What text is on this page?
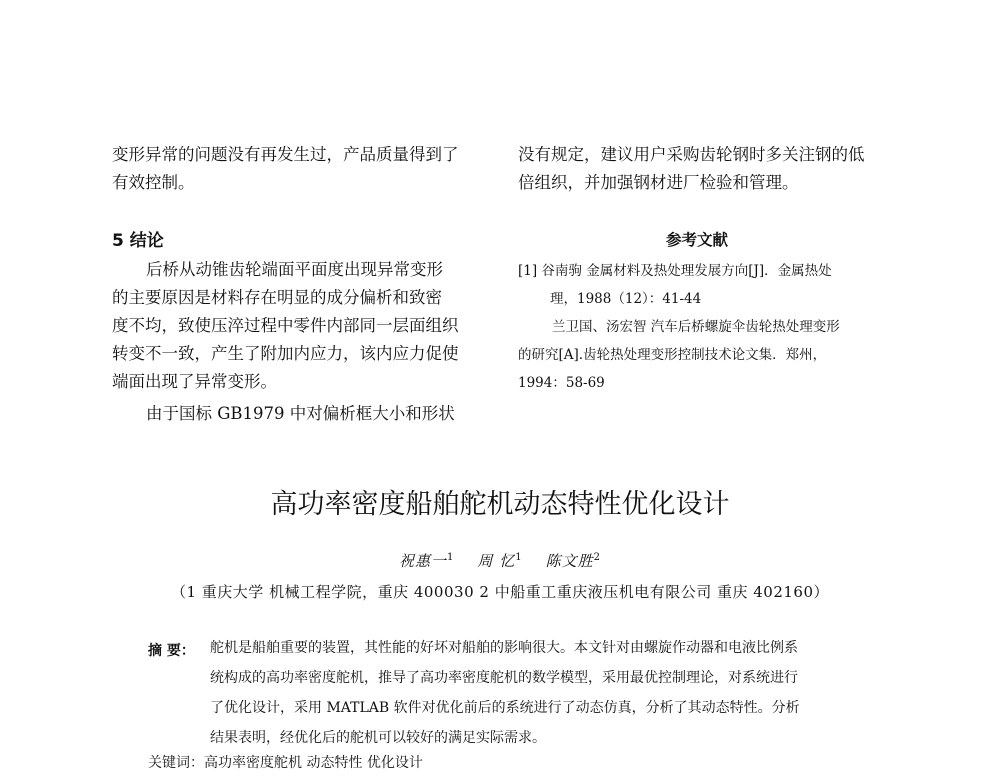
变形异常的问题没有再发生过，产品质量得到了
有效控制。
5 结论
后桥从动锥齿轮端面平面度出现异常变形
的主要原因是材料存在明显的成分偏析和致密
度不均，致使压淬过程中零件内部同一层面组织
转变不一致，产生了附加内应力，该内应力促使
端面出现了异常变形。
由于国标 GB1979 中对偏析框大小和形状
没有规定，建议用户采购齿轮钢时多关注钢的低
倍组织，并加强钢材进厂检验和管理。
参考文献
[1] 谷南驹 金属材料及热处理发展方向[J]．金属热处
理，1988（12）：41-44
兰卫国、汤宏智 汽车后桥螺旋伞齿轮热处理变形
的研究[A].齿轮热处理变形控制技术论文集．郑州，
1994：58-69
高功率密度船舶舵机动态特性优化设计
祝惠一$^1$ 周 忆$^1$ 陈文胜$^2$
（1 重庆大学 机械工程学院，重庆 400030 2 中船重工重庆液压机电有限公司 重庆 402160）
摘 要： 舵机是船舶重要的装置，其性能的好坏对船舶的影响很大。本文针对由螺旋作动器和电液比例系
统构成的高功率密度舵机，推导了高功率密度舵机的数学模型，采用最优控制理论，对系统进行
了优化设计，采用 MATLAB 软件对优化前后的系统进行了动态仿真，分析了其动态特性。分析
结果表明，经优化后的舵机可以较好的满足实际需求。
关键词：高功率密度舵机 动态特性 优化设计
